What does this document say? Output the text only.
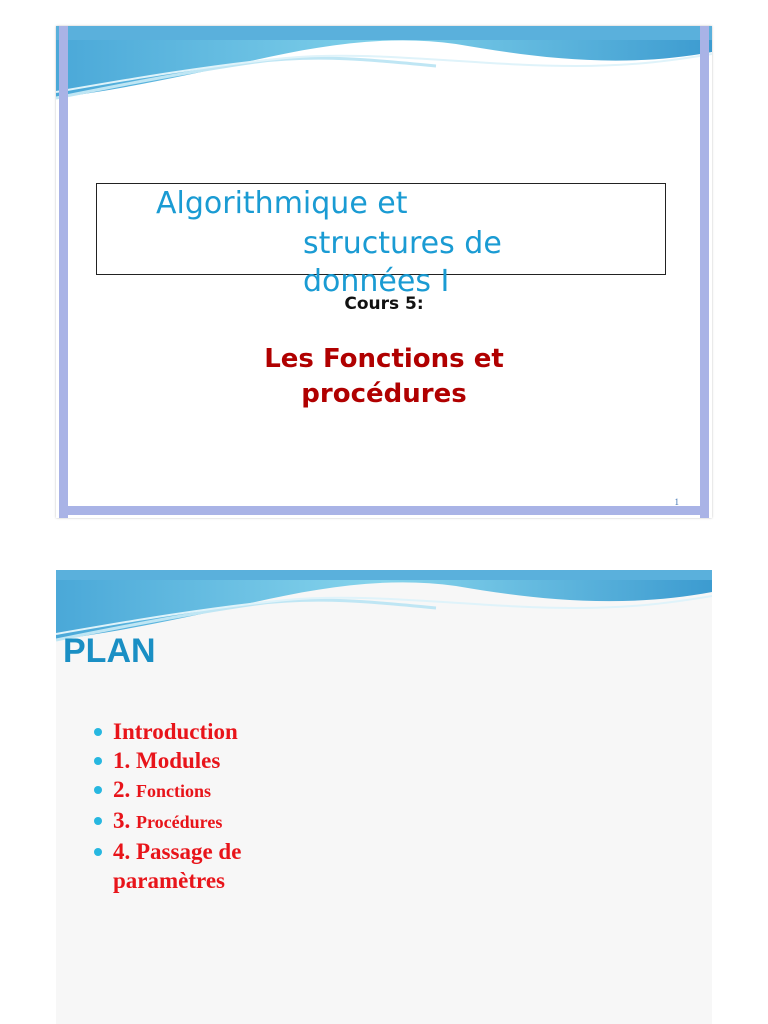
Algorithmique et
structures de
données I
Cours 5:
Les Fonctions et
procédures
1
PLAN
Introduction
1. Modules
2. Fonctions
3. Procédures
4. Passage de
paramètres
